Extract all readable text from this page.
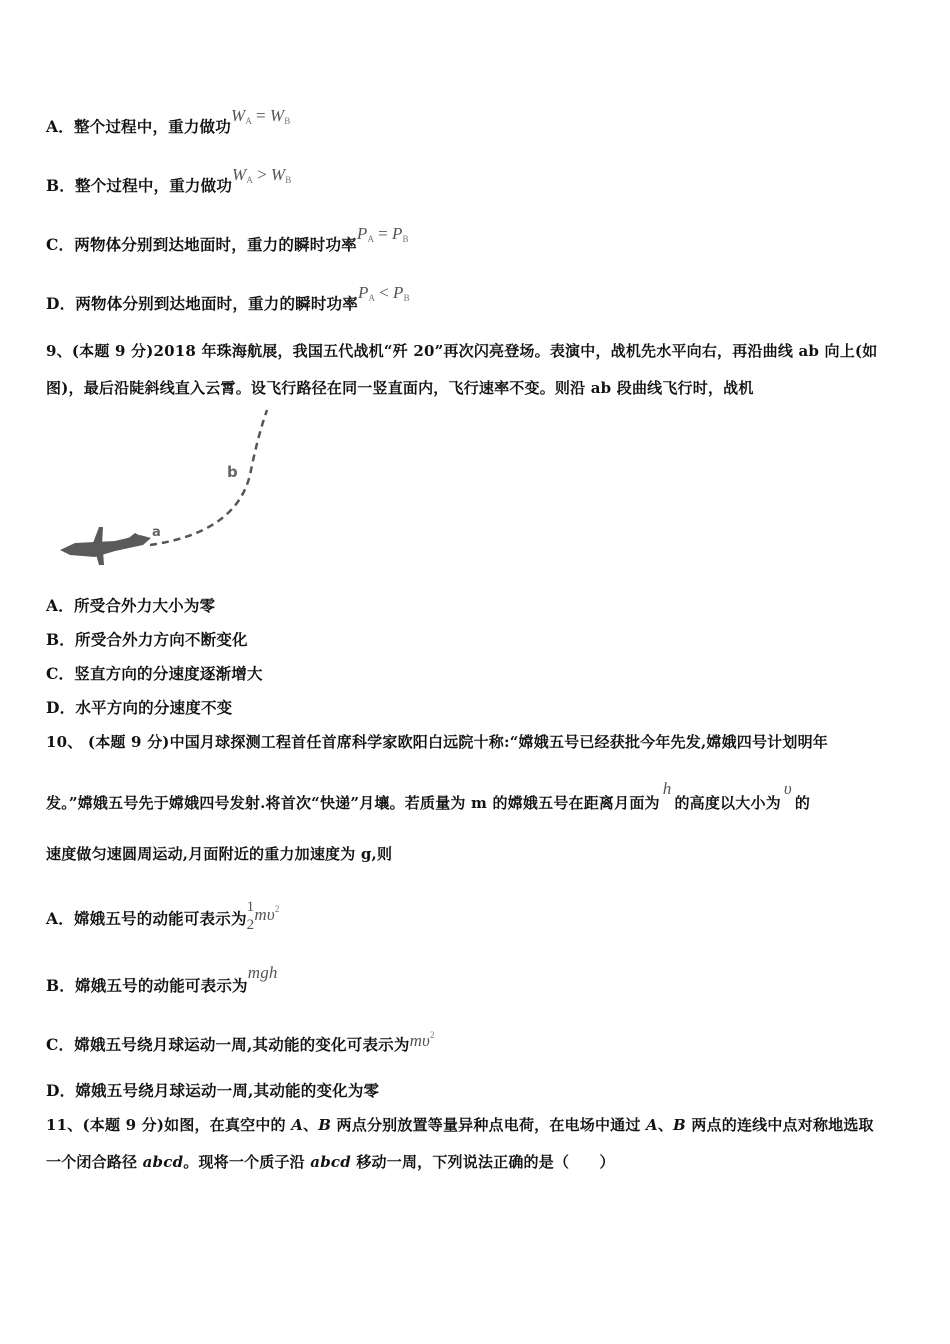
A．整个过程中，重力做功WA = WB
B．整个过程中，重力做功WA > WB
C．两物体分别到达地面时，重力的瞬时功率PA = PB
D．两物体分别到达地面时，重力的瞬时功率PA < PB
9、(本题 9 分)2018 年珠海航展，我国五代战机“歼 20”再次闪亮登场。表演中，战机先水平向右，再沿曲线 ab 向上(如
图)，最后沿陡斜线直入云霄。设飞行路径在同一竖直面内，飞行速率不变。则沿 ab 段曲线飞行时，战机
a
b
A．所受合外力大小为零
B．所受合外力方向不断变化
C．竖直方向的分速度逐渐增大
D．水平方向的分速度不变
10、 (本题 9 分)中国月球探测工程首任首席科学家欧阳白远院十称:“嫦娥五号已经获批今年先发,嫦娥四号计划明年
发。”嫦娥五号先于嫦娥四号发射.将首次“快递”月壤。若质量为 m 的嫦娥五号在距离月面为h的高度以大小为υ的
速度做匀速圆周运动,月面附近的重力加速度为 g,则
A．嫦娥五号的动能可表示为
1
2
$m\upsilon^2$
B．嫦娥五号的动能可表示为mgh
C．嫦娥五号绕月球运动一周,其动能的变化可表示为$m\upsilon^2$
D．嫦娥五号绕月球运动一周,其动能的变化为零
11、(本题 9 分)如图，在真空中的 A、B 两点分别放置等量异种点电荷，在电场中通过 A、B 两点的连线中点对称地选取
一个闭合路径 abcd。现将一个质子沿 abcd 移动一周，下列说法正确的是（　　）
